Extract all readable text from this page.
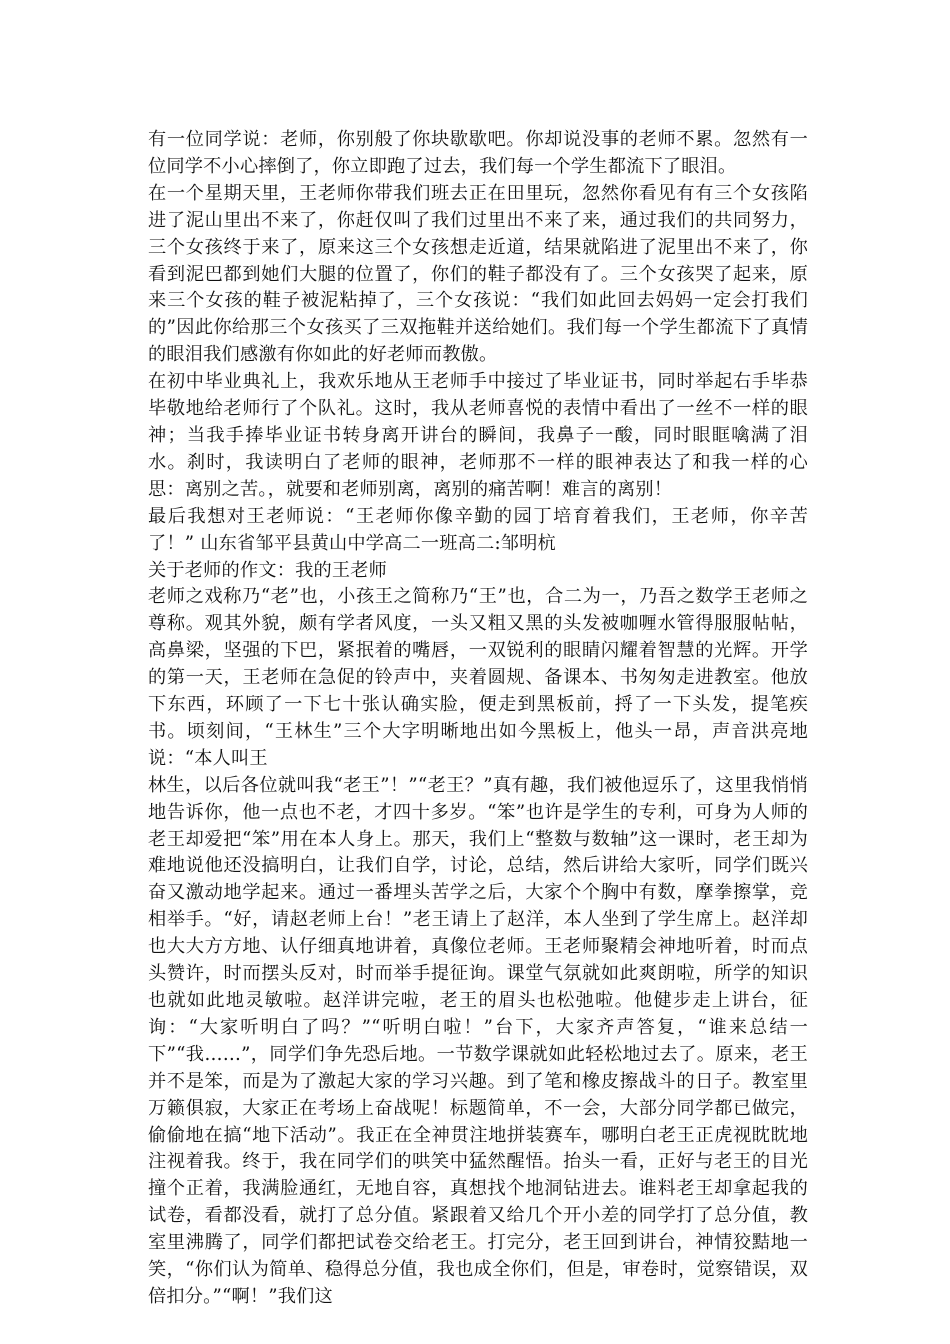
有一位同学说：老师，你别般了你块歇歇吧。你却说没事的老师不累。忽然有一位同学不小心摔倒了，你立即跑了过去，我们每一个学生都流下了眼泪。

在一个星期天里，王老师你带我们班去正在田里玩，忽然你看见有有三个女孩陷进了泥山里出不来了，你赶仅叫了我们过里出不来了来，通过我们的共同努力，三个女孩终于来了，原来这三个女孩想走近道，结果就陷进了泥里出不来了，你看到泥巴都到她们大腿的位置了，你们的鞋子都没有了。三个女孩哭了起来，原来三个女孩的鞋子被泥粘掉了，三个女孩说：“我们如此回去妈妈一定会打我们的”因此你给那三个女孩买了三双拖鞋并送给她们。我们每一个学生都流下了真情的眼泪我们感激有你如此的好老师而教傲。

在初中毕业典礼上，我欢乐地从王老师手中接过了毕业证书，同时举起右手毕恭毕敬地给老师行了个队礼。这时，我从老师喜悦的表情中看出了一丝不一样的眼神；当我手捧毕业证书转身离开讲台的瞬间，我鼻子一酸，同时眼眶噙满了泪水。刹时，我读明白了老师的眼神，老师那不一样的眼神表达了和我一样的心思：离别之苦。，就要和老师别离，离别的痛苦啊！难言的离别！

最后我想对王老师说：“王老师你像辛勤的园丁培育着我们，王老师，你辛苦了！” 山东省邹平县黄山中学高二一班高二:邹明杭

关于老师的作文：我的王老师

老师之戏称乃“老”也，小孩王之简称乃“王”也，合二为一，乃吾之数学王老师之尊称。观其外貌，颇有学者风度，一头又粗又黑的头发被咖喱水管得服服帖帖，高鼻梁，坚强的下巴，紧抿着的嘴唇，一双锐利的眼睛闪耀着智慧的光辉。开学的第一天，王老师在急促的铃声中，夹着圆规、备课本、书匆匆走进教室。他放下东西，环顾了一下七十张认确实脸，便走到黑板前，捋了一下头发，提笔疾书。顷刻间，“王林生”三个大字明晰地出如今黑板上，他头一昂，声音洪亮地说：“本人叫王

林生，以后各位就叫我“老王”！”“老王？”真有趣，我们被他逗乐了，这里我悄悄地告诉你，他一点也不老，才四十多岁。“笨”也许是学生的专利，可身为人师的老王却爱把“笨”用在本人身上。那天，我们上“整数与数轴”这一课时，老王却为难地说他还没搞明白，让我们自学，讨论，总结，然后讲给大家听，同学们既兴奋又激动地学起来。通过一番埋头苦学之后，大家个个胸中有数，摩拳擦掌，竞相举手。“好，请赵老师上台！”老王请上了赵洋，本人坐到了学生席上。赵洋却也大大方方地、认仔细真地讲着，真像位老师。王老师聚精会神地听着，时而点头赞许，时而摆头反对，时而举手提征询。课堂气氛就如此爽朗啦，所学的知识也就如此地灵敏啦。赵洋讲完啦，老王的眉头也松弛啦。他健步走上讲台，征询：“大家听明白了吗？”“听明白啦！”台下，大家齐声答复，“谁来总结一下”“我……”，同学们争先恐后地。一节数学课就如此轻松地过去了。原来，老王并不是笨，而是为了激起大家的学习兴趣。到了笔和橡皮擦战斗的日子。教室里万籁俱寂，大家正在考场上奋战呢！标题简单，不一会，大部分同学都已做完，偷偷地在搞“地下活动”。我正在全神贯注地拼装赛车，哪明白老王正虎视眈眈地注视着我。终于，我在同学们的哄笑中猛然醒悟。抬头一看，正好与老王的目光撞个正着，我满脸通红，无地自容，真想找个地洞钻进去。谁料老王却拿起我的试卷，看都没看，就打了总分值。紧跟着又给几个开小差的同学打了总分值，教室里沸腾了，同学们都把试卷交给老王。打完分，老王回到讲台，神情狡黠地一笑，“你们认为简单、稳得总分值，我也成全你们，但是，审卷时，觉察错误，双倍扣分。”“啊！”我们这
